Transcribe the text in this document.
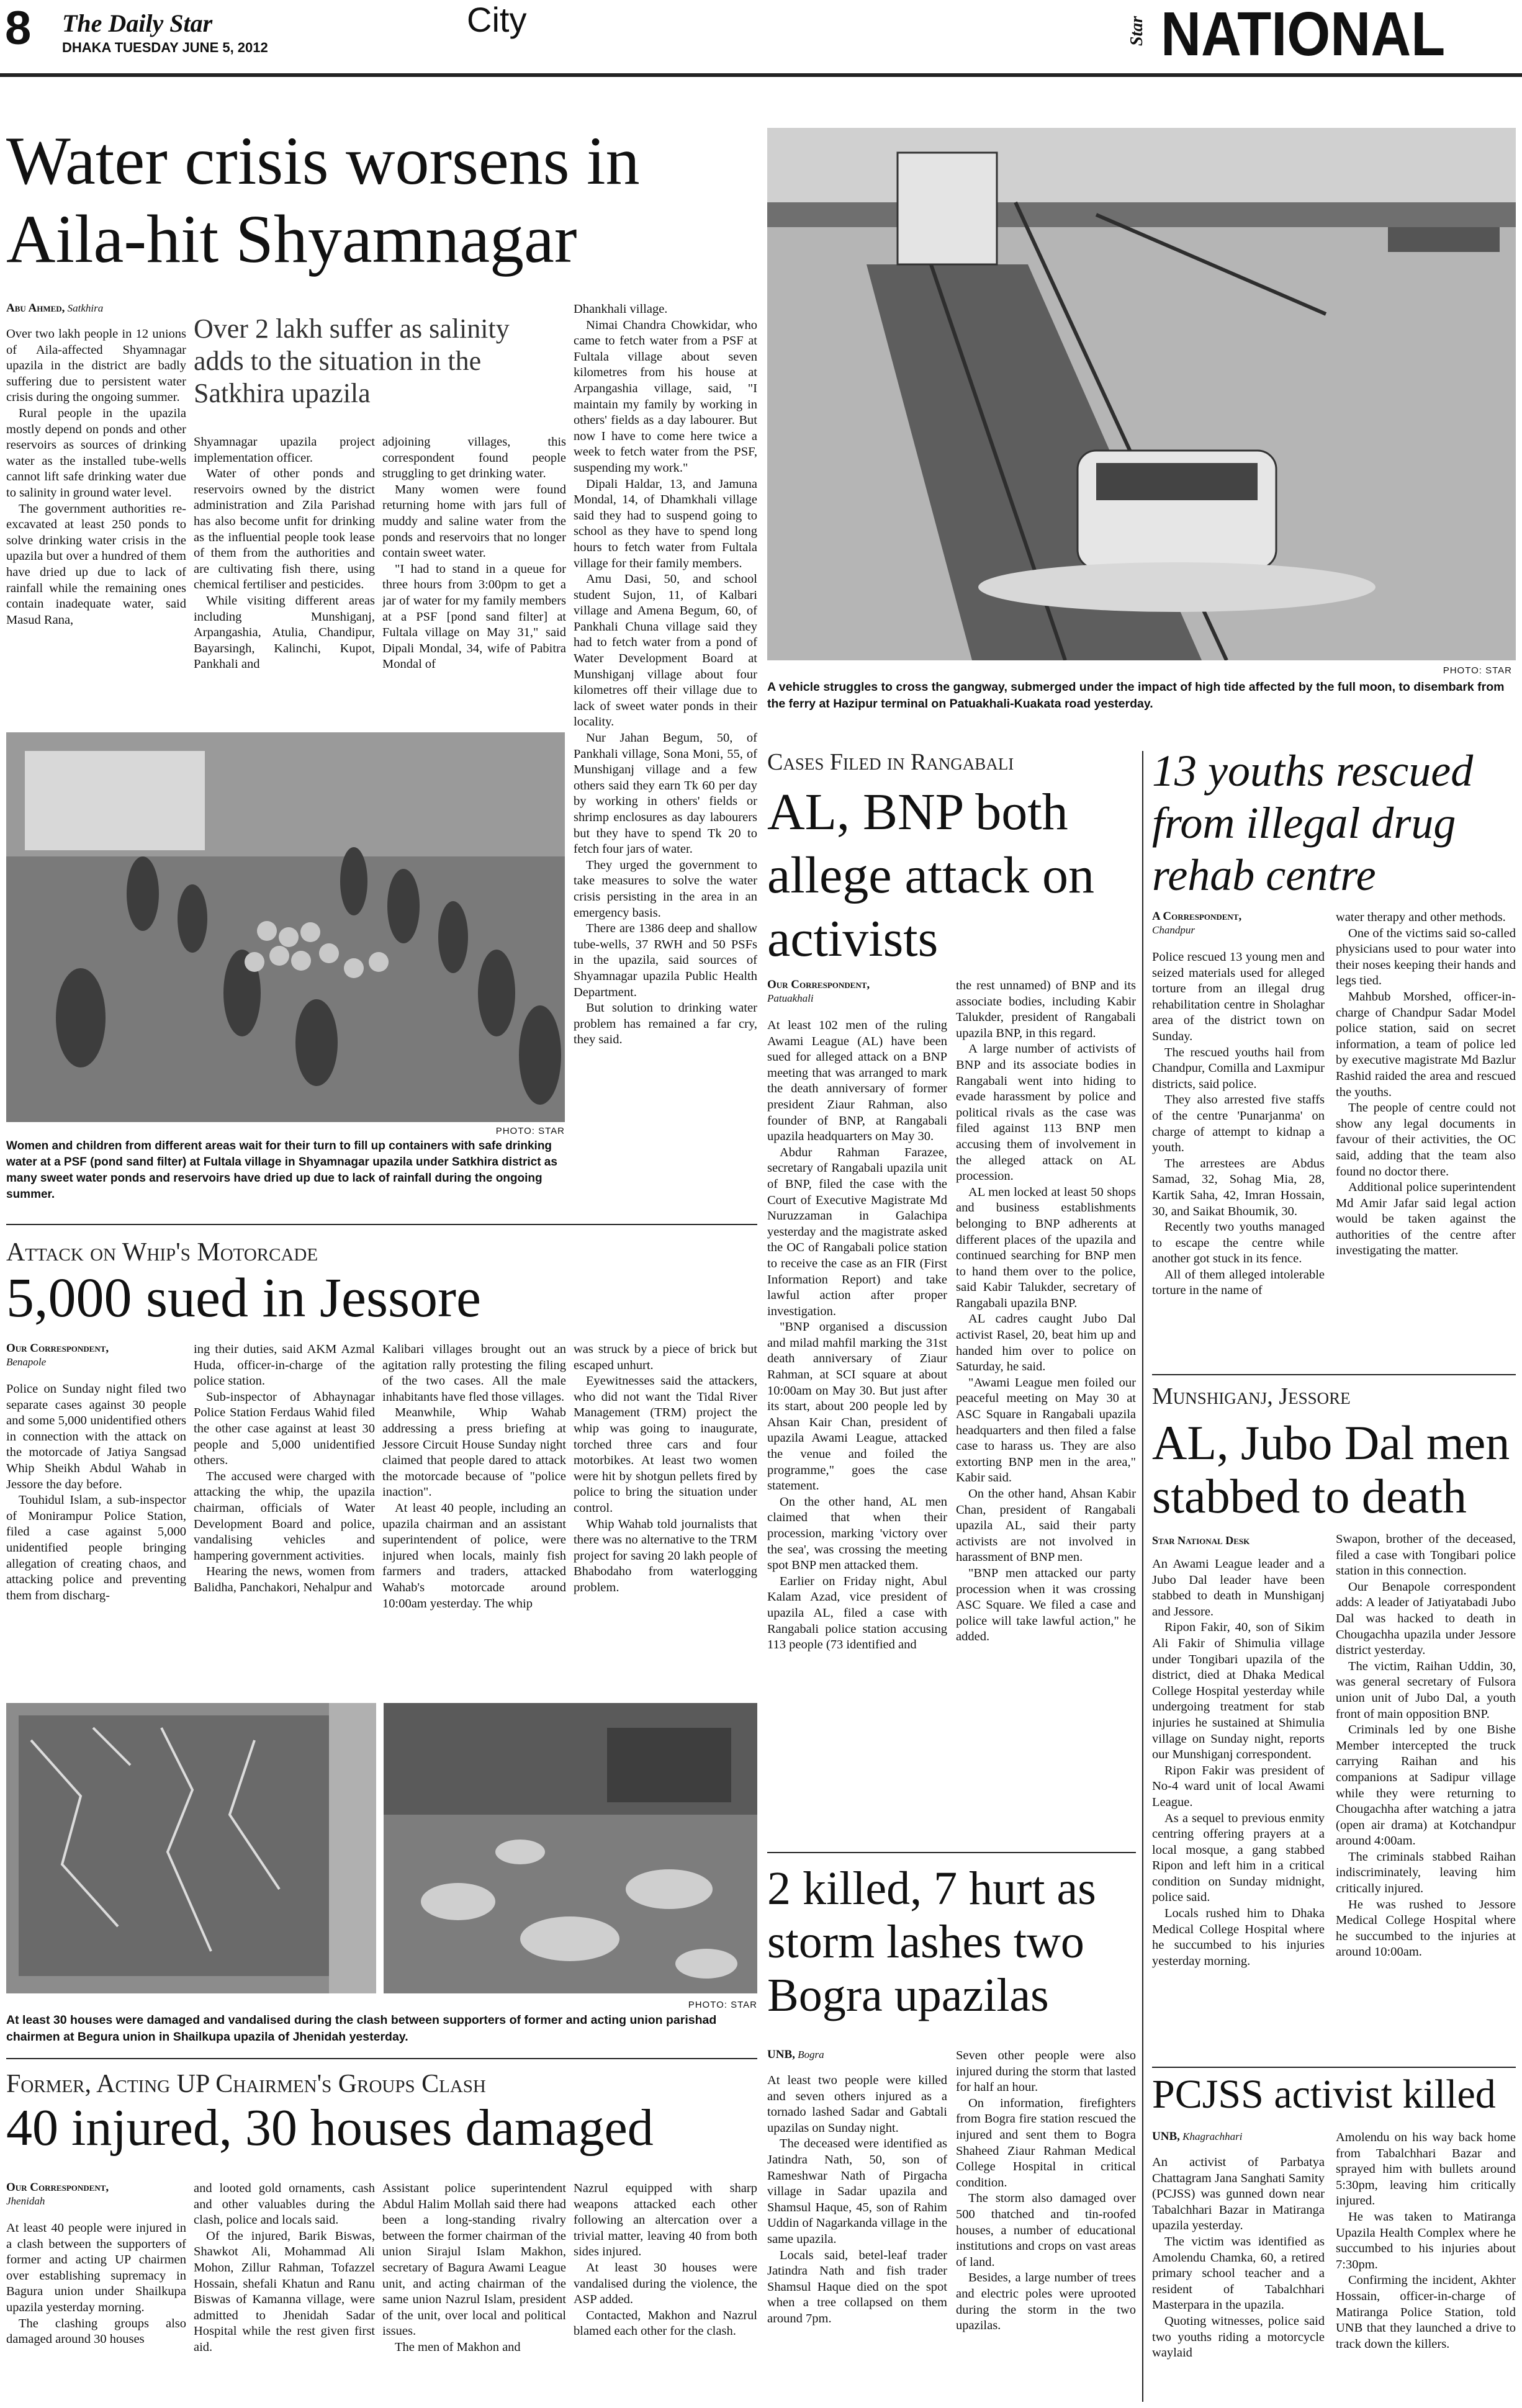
8 The Daily Star
DHAKA TUESDAY JUNE 5, 2012
City	Star NATIONAL
Water crisis worsens in Aila-hit Shyamnagar
Abu Ahmed, Satkhira
Over 2 lakh suffer as salinity adds to the situation in the Satkhira upazila

Over two lakh people in 12 unions of Aila-affected Shyamnagar upazila in the district are badly suffering due to persistent water crisis during the ongoing summer.

Rural people in the upazila mostly depend on ponds and other reservoirs as sources of drinking water as the installed tube-wells cannot lift safe drinking water due to salinity in ground water level.

The government authorities re-excavated at least 250 ponds to solve drinking water crisis in the upazila but over a hundred of them have dried up due to lack of rainfall while the remaining ones contain inadequate water, said Masud Rana,

Shyamnagar upazila project implementation officer.

Water of other ponds and reservoirs owned by the district administration and Zila Parishad has also become unfit for drinking as the influential people took lease of them from the authorities and are cultivating fish there, using chemical fertiliser and pesticides.

While visiting different areas including Munshiganj, Arpangashia, Atulia, Chandipur, Bayarsingh, Kalinchi, Kupot, Pankhali and

adjoining villages, this correspondent found people struggling to get drinking water.

Many women were found returning home with jars full of muddy and saline water from the ponds and reservoirs that no longer contain sweet water.

"I had to stand in a queue for three hours from 3:00pm to get a jar of water for my family members at a PSF [pond sand filter] at Fultala village on May 31," said Dipali Mondal, 34, wife of Pabitra Mondal of

Dhankhali village.

Nimai Chandra Chowkidar, who came to fetch water from a PSF at Fultala village about seven kilometres from his house at Arpangashia village, said, "I maintain my family by working in others' fields as a day labourer. But now I have to come here twice a week to fetch water from the PSF, suspending my work."

Dipali Haldar, 13, and Jamuna Mondal, 14, of Dhamkhali village said they had to suspend going to school as they have to spend long hours to fetch water from Fultala village for their family members.

Amu Dasi, 50, and school student Sujon, 11, of Kalbari village and Amena Begum, 60, of Pankhali Chuna village said they had to fetch water from a pond of Water Development Board at Munshiganj village about four kilometres off their village due to lack of sweet water ponds in their locality.

Nur Jahan Begum, 50, of Pankhali village, Sona Moni, 55, of Munshiganj village and a few others said they earn Tk 60 per day by working in others' fields or shrimp enclosures as day labourers but they have to spend Tk 20 to fetch four jars of water.

They urged the government to take measures to solve the water crisis persisting in the area in an emergency basis.

There are 1386 deep and shallow tube-wells, 37 RWH and 50 PSFs in the upazila, said sources of Shyamnagar upazila Public Health Department.

But solution to drinking water problem has remained a far cry, they said.

PHOTO: STAR
Women and children from different areas wait for their turn to fill up containers with safe drinking water at a PSF (pond sand filter) at Fultala village in Shyamnagar upazila under Satkhira district as many sweet water ponds and reservoirs have dried up due to lack of rainfall during the ongoing summer.
PHOTO: STAR
A vehicle struggles to cross the gangway, submerged under the impact of high tide affected by the full moon, to disembark from the ferry at Hazipur terminal on Patuakhali-Kuakata road yesterday.
Attack on Whip's Motorcade
5,000 sued in Jessore
Our Correspondent,
Benapole

Police on Sunday night filed two separate cases against 30 people and some 5,000 unidentified others in connection with the attack on the motorcade of Jatiya Sangsad Whip Sheikh Abdul Wahab in Jessore the day before.

Touhidul Islam, a sub-inspector of Monirampur Police Station, filed a case against 5,000 unidentified people bringing allegation of creating chaos, and attacking police and preventing them from discharg-

ing their duties, said AKM Azmal Huda, officer-in-charge of the police station.

Sub-inspector of Abhaynagar Police Station Ferdaus Wahid filed the other case against at least 30 people and 5,000 unidentified others.

The accused were charged with attacking the whip, the upazila chairman, officials of Water Development Board and police, vandalising vehicles and hampering government activities.

Hearing the news, women from Balidha, Panchakori, Nehalpur and

Kalibari villages brought out an agitation rally protesting the filing of the two cases. All the male inhabitants have fled those villages.

Meanwhile, Whip Wahab addressing a press briefing at Jessore Circuit House Sunday night claimed that people dared to attack the motorcade because of "police inaction".

At least 40 people, including an upazila chairman and an assistant superintendent of police, were injured when locals, mainly fish farmers and traders, attacked Wahab's motorcade around 10:00am yesterday. The whip

was struck by a piece of brick but escaped unhurt.

Eyewitnesses said the attackers, who did not want the Tidal River Management (TRM) project the whip was going to inaugurate, torched three cars and four motorbikes. At least two women were hit by shotgun pellets fired by police to bring the situation under control.

Whip Wahab told journalists that there was no alternative to the TRM project for saving 20 lakh people of Bhabodaho from waterlogging problem.

Cases Filed in Rangabali
AL, BNP both allege attack on activists
Our Correspondent,
Patuakhali

At least 102 men of the ruling Awami League (AL) have been sued for alleged attack on a BNP meeting that was arranged to mark the death anniversary of former president Ziaur Rahman, also founder of BNP, at Rangabali upazila headquarters on May 30.

Abdur Rahman Farazee, secretary of Rangabali upazila unit of BNP, filed the case with the Court of Executive Magistrate Md Nuruzzaman in Galachipa yesterday and the magistrate asked the OC of Rangabali police station to receive the case as an FIR (First Information Report) and take lawful action after proper investigation.

"BNP organised a discussion and milad mahfil marking the 31st death anniversary of Ziaur Rahman, at SCI square at about 10:00am on May 30. But just after its start, about 200 people led by Ahsan Kair Chan, president of upazila Awami League, attacked the venue and foiled the programme," goes the case statement.

On the other hand, AL men claimed that when their procession, marking 'victory over the sea', was crossing the meeting spot BNP men attacked them.

Earlier on Friday night, Abul Kalam Azad, vice president of upazila AL, filed a case with Rangabali police station accusing 113 people (73 identified and

the rest unnamed) of BNP and its associate bodies, including Kabir Talukder, president of Rangabali upazila BNP, in this regard.

A large number of activists of BNP and its associate bodies in Rangabali went into hiding to evade harassment by police and political rivals as the case was filed against 113 BNP men accusing them of involvement in the alleged attack on AL procession.

AL men locked at least 50 shops and business establishments belonging to BNP adherents at different places of the upazila and continued searching for BNP men to hand them over to the police, said Kabir Talukder, secretary of Rangabali upazila BNP.

AL cadres caught Jubo Dal activist Rasel, 20, beat him up and handed him over to police on Saturday, he said.

"Awami League men foiled our peaceful meeting on May 30 at ASC Square in Rangabali upazila headquarters and then filed a false case to harass us. They are also extorting BNP men in the area," Kabir said.

On the other hand, Ahsan Kabir Chan, president of Rangabali upazila AL, said their party activists are not involved in harassment of BNP men.

"BNP men attacked our party procession when it was crossing ASC Square. We filed a case and police will take lawful action," he added.

13 youths rescued from illegal drug rehab centre
A Correspondent,
Chandpur

Police rescued 13 young men and seized materials used for alleged torture from an illegal drug rehabilitation centre in Sholaghar area of the district town on Sunday.

The rescued youths hail from Chandpur, Comilla and Laxmipur districts, said police.

They also arrested five staffs of the centre 'Punarjanma' on charge of attempt to kidnap a youth.

The arrestees are Abdus Samad, 32, Sohag Mia, 28, Kartik Saha, 42, Imran Hossain, 30, and Saikat Bhoumik, 30.

Recently two youths managed to escape the centre while another got stuck in its fence.

All of them alleged intolerable torture in the name of

water therapy and other methods.

One of the victims said so-called physicians used to pour water into their noses keeping their hands and legs tied.

Mahbub Morshed, officer-in-charge of Chandpur Sadar Model police station, said on secret information, a team of police led by executive magistrate Md Bazlur Rashid raided the area and rescued the youths.

The people of centre could not show any legal documents in favour of their activities, the OC said, adding that the team also found no doctor there.

Additional police superintendent Md Amir Jafar said legal action would be taken against the authorities of the centre after investigating the matter.

Munshiganj, Jessore
AL, Jubo Dal men stabbed to death
Star National Desk

An Awami League leader and a Jubo Dal leader have been stabbed to death in Munshiganj and Jessore.

Ripon Fakir, 40, son of Sikim Ali Fakir of Shimulia village under Tongibari upazila of the district, died at Dhaka Medical College Hospital yesterday while undergoing treatment for stab injuries he sustained at Shimulia village on Sunday night, reports our Munshiganj correspondent.

Ripon Fakir was president of No-4 ward unit of local Awami League.

As a sequel to previous enmity centring offering prayers at a local mosque, a gang stabbed Ripon and left him in a critical condition on Sunday midnight, police said.

Locals rushed him to Dhaka Medical College Hospital where he succumbed to his injuries yesterday morning.

Swapon, brother of the deceased, filed a case with Tongibari police station in this connection.

Our Benapole correspondent adds: A leader of Jatiyatabadi Jubo Dal was hacked to death in Chougachha upazila under Jessore district yesterday.

The victim, Raihan Uddin, 30, was general secretary of Fulsora union unit of Jubo Dal, a youth front of main opposition BNP.

Criminals led by one Bishe Member intercepted the truck carrying Raihan and his companions at Sadipur village while they were returning to Chougachha after watching a jatra (open air drama) at Kotchandpur around 4:00am.

The criminals stabbed Raihan indiscriminately, leaving him critically injured.

He was rushed to Jessore Medical College Hospital where he succumbed to the injuries at around 10:00am.

PHOTO: STAR
At least 30 houses were damaged and vandalised during the clash between supporters of former and acting union parishad chairmen at Begura union in Shailkupa upazila of Jhenidah yesterday.
Former, Acting UP Chairmen's Groups Clash
40 injured, 30 houses damaged
Our Correspondent,
Jhenidah

At least 40 people were injured in a clash between the supporters of former and acting UP chairmen over establishing supremacy in Bagura union under Shailkupa upazila yesterday morning.

The clashing groups also damaged around 30 houses

and looted gold ornaments, cash and other valuables during the clash, police and locals said.

Of the injured, Barik Biswas, Shawkot Ali, Mohammad Ali Mohon, Zillur Rahman, Tofazzel Hossain, shefali Khatun and Ranu Biswas of Kamanna village, were admitted to Jhenidah Sadar Hospital while the rest given first aid.

Assistant police superintendent Abdul Halim Mollah said there had been a long-standing rivalry between the former chairman of the union Sirajul Islam Makhon, secretary of Bagura Awami League unit, and acting chairman of the same union Nazrul Islam, president of the unit, over local and political issues.

The men of Makhon and

Nazrul equipped with sharp weapons attacked each other following an altercation over a trivial matter, leaving 40 from both sides injured.

At least 30 houses were vandalised during the violence, the ASP added.

Contacted, Makhon and Nazrul blamed each other for the clash.

2 killed, 7 hurt as storm lashes two Bogra upazilas
UNB, Bogra

At least two people were killed and seven others injured as a tornado lashed Sadar and Gabtali upazilas on Sunday night.

The deceased were identified as Jatindra Nath, 50, son of Rameshwar Nath of Pirgacha village in Sadar upazila and Shamsul Haque, 45, son of Rahim Uddin of Nagarkanda village in the same upazila.

Locals said, betel-leaf trader Jatindra Nath and fish trader Shamsul Haque died on the spot when a tree collapsed on them around 7pm.

Seven other people were also injured during the storm that lasted for half an hour.

On information, firefighters from Bogra fire station rescued the injured and sent them to Bogra Shaheed Ziaur Rahman Medical College Hospital in critical condition.

The storm also damaged over 500 thatched and tin-roofed houses, a number of educational institutions and crops on vast areas of land.

Besides, a large number of trees and electric poles were uprooted during the storm in the two upazilas.

PCJSS activist killed
UNB, Khagrachhari

An activist of Parbatya Chattagram Jana Sanghati Samity (PCJSS) was gunned down near Tabalchhari Bazar in Matiranga upazila yesterday.

The victim was identified as Amolendu Chamka, 60, a retired primary school teacher and a resident of Tabalchhari Masterpara in the upazila.

Quoting witnesses, police said two youths riding a motorcycle waylaid

Amolendu on his way back home from Tabalchhari Bazar and sprayed him with bullets around 5:30pm, leaving him critically injured.

He was taken to Matiranga Upazila Health Complex where he succumbed to his injuries about 7:30pm.

Confirming the incident, Akhter Hossain, officer-in-charge of Matiranga Police Station, told UNB that they launched a drive to track down the killers.
